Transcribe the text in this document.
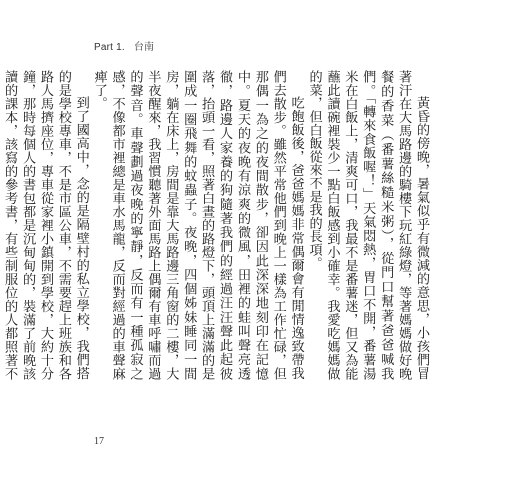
Part 1. 台南

黃昏的傍晚，暑氣似乎有微減的意思，小孩們冒著汗在大馬路邊的騎樓下玩紅綠燈，等著媽媽做好晚餐的香菜（番薯絲糙米粥），從門口幫著爸爸喊我們。「轉來食飯喔！」天氣悶熱，胃口不開，番薯湯米在白飯上，清爽可口，我最不是番薯迷，但又為能蘸此讀碗裡裝少一點白飯感到小確幸。我愛吃媽媽做的菜，但白飯從來不是我的長項。

吃飽飯後，爸爸媽媽非常偶爾會有閒情逸致帶我們去散步。雖然平常他們到晚上一樣為工作忙碌，但那偶一為之的夜間散步，卻因此深深地刻印在記憶中。夏天的夜晚有涼爽的微風，田裡的蛙叫聲亮透徹，路邊人家養的狗隨著我們的經過汪汪聲此起彼落，抬頭一看，照著白晝的路燈下，頭頂上滿滿的是圍成一圈飛舞的蚊蟲子。夜晚，四個姊妹睡同一間房，躺在床上，房間是靠大馬路邊三角窗的二樓，大半夜醒來，我習慣聽著外面馬路上偶爾有車呼嘯而過的聲音。車聲劃過夜晚的寧靜，反而有一種孤寂之感，不像都市裡總是車水馬龍，反而對經過的車聲麻痺了。

到了國高中，念的是隔壁村的私立學校，我們搭的是學校專車，不是市區公車，不需要趕上班族和各路人馬擠座位，專車從家裡小鎮開到學校，大約十分鐘，那時每個人的書包都是沉甸甸的，裝滿了前晚該讀的課本，該寫的參考書，有些制服位的人都照著不

17
